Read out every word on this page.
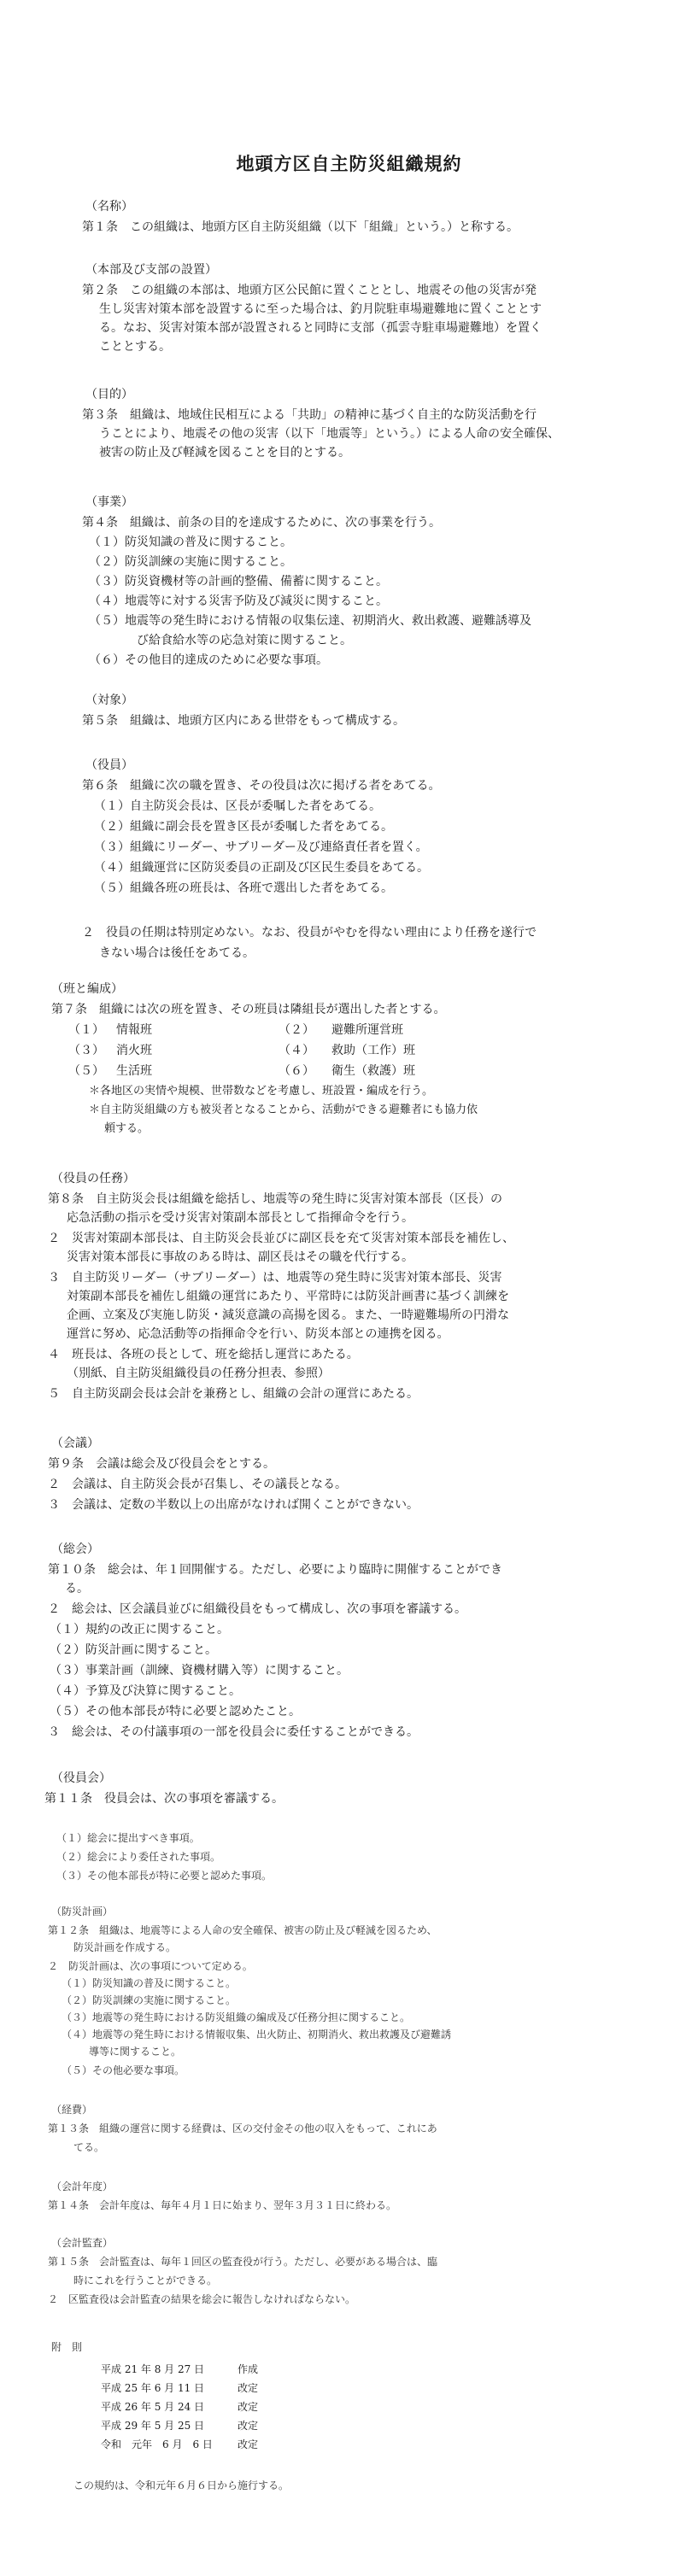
地頭方区自主防災組織規約
（名称）
第１条　 この組織は、地頭方区自主防災組織（以下「組織」という。）と称する。
（本部及び支部の設置）
第２条　 この組織の本部は、地頭方区公民館に置くこととし、地震その他の災害が発
生し災害対策本部を設置するに至った場合は、釣月院駐車場避難地に置くこととす
る。なお、災害対策本部が設置されると同時に支部（孤雲寺駐車場避難地）を置く
こととする。
（目的）
第３条　 組織は、地域住民相互による「共助」の精神に基づく自主的な防災活動を行
うことにより、地震その他の災害（以下「地震等」という。）による人命の安全確保、
被害の防止及び軽減を図ることを目的とする。
（事業）
第４条　 組織は、前条の目的を達成するために、次の事業を行う。
（１）防災知識の普及に関すること。
（２）防災訓練の実施に関すること。
（３）防災資機材等の計画的整備、備蓄に関すること。
（４）地震等に対する災害予防及び減災に関すること。
（５）地震等の発生時における情報の収集伝達、初期消火、救出救護、避難誘導及
び給食給水等の応急対策に関すること。
（６）その他目的達成のために必要な事項。
（対象）
第５条　 組織は、地頭方区内にある世帯をもって構成する。
（役員）
第６条　 組織に次の職を置き、その役員は次に掲げる者をあてる。
（１）自主防災会長は、区長が委嘱した者をあてる。
（２）組織に副会長を置き区長が委嘱した者をあてる。
（３）組織にリーダー、サブリーダー及び連絡責任者を置く。
（４）組織運営に区防災委員の正副及び区民生委員をあてる。
（５）組織各班の班長は、各班で選出した者をあてる。
２　役員の任期は特別定めない。なお、役員がやむを得ない理由により任務を遂行で
きない場合は後任をあてる。
（班と編成）
第７条　 組織には次の班を置き、その班員は隣組長が選出した者とする。
（１） 情報班	（２） 避難所運営班
（３） 消火班	（４） 救助（工作）班
（５） 生活班	（６） 衛生（救護）班
＊各地区の実情や規模、世帯数などを考慮し、班設置・編成を行う。
＊自主防災組織の方も被災者となることから、活動ができる避難者にも協力依
頼する。
（役員の任務）
第８条　自主防災会長は組織を総括し、地震等の発生時に災害対策本部長（区長）の
応急活動の指示を受け災害対策副本部長として指揮命令を行う。
２　災害対策副本部長は、自主防災会長並びに副区長を充て災害対策本部長を補佐し、
災害対策本部長に事故のある時は、副区長はその職を代行する。
３　自主防災リーダー（サブリーダー）は、地震等の発生時に災害対策本部長、災害
対策副本部長を補佐し組織の運営にあたり、平常時には防災計画書に基づく訓練を
企画、立案及び実施し防災・減災意識の高揚を図る。また、一時避難場所の円滑な
運営に努め、応急活動等の指揮命令を行い、防災本部との連携を図る。
４　班長は、各班の長として、班を総括し運営にあたる。
（別紙、自主防災組織役員の任務分担表、参照）
５　自主防災副会長は会計を兼務とし、組織の会計の運営にあたる。
（会議）
第９条　会議は総会及び役員会をとする。
２　会議は、自主防災会長が召集し、その議長となる。
３　会議は、定数の半数以上の出席がなければ開くことができない。
（総会）
第１０条　総会は、年１回開催する。ただし、必要により臨時に開催することができ
る。
２　総会は、区会議員並びに組織役員をもって構成し、次の事項を審議する。
（１）規約の改正に関すること。
（２）防災計画に関すること。
（３）事業計画（訓練、資機材購入等）に関すること。
（４）予算及び決算に関すること。
（５）その他本部長が特に必要と認めたこと。
３　総会は、その付議事項の一部を役員会に委任することができる。
（役員会）
第１１条　役員会は、次の事項を審議する。
（１）総会に提出すべき事項。
（２）総会により委任された事項。
（３）その他本部長が特に必要と認めた事項。
（防災計画）
第１２条　組織は、地震等による人命の安全確保、被害の防止及び軽減を図るため、
防災計画を作成する。
２　防災計画は、次の事項について定める。
（１）防災知識の普及に関すること。
（２）防災訓練の実施に関すること。
（３）地震等の発生時における防災組織の編成及び任務分担に関すること。
（４）地震等の発生時における情報収集、出火防止、初期消火、救出救護及び避難誘
導等に関すること。
（５）その他必要な事項。
（経費）
第１３条　組織の運営に関する経費は、区の交付金その他の収入をもって、これにあ
てる。
（会計年度）
第１４条　会計年度は、毎年４月１日に始まり、翌年３月３１日に終わる。
（会計監査）
第１５条　会計監査は、毎年１回区の監査役が行う。ただし、必要がある場合は、臨
時にこれを行うことができる。
２　区監査役は会計監査の結果を総会に報告しなければならない。
附　則
平成 21 年 8 月 27 日	作成
平成 25 年 6 月 11 日	改定
平成 26 年 5 月 24 日	改定
平成 29 年 5 月 25 日	改定
令和　元年　6 月　6 日 改定
この規約は、令和元年６月６日から施行する。
